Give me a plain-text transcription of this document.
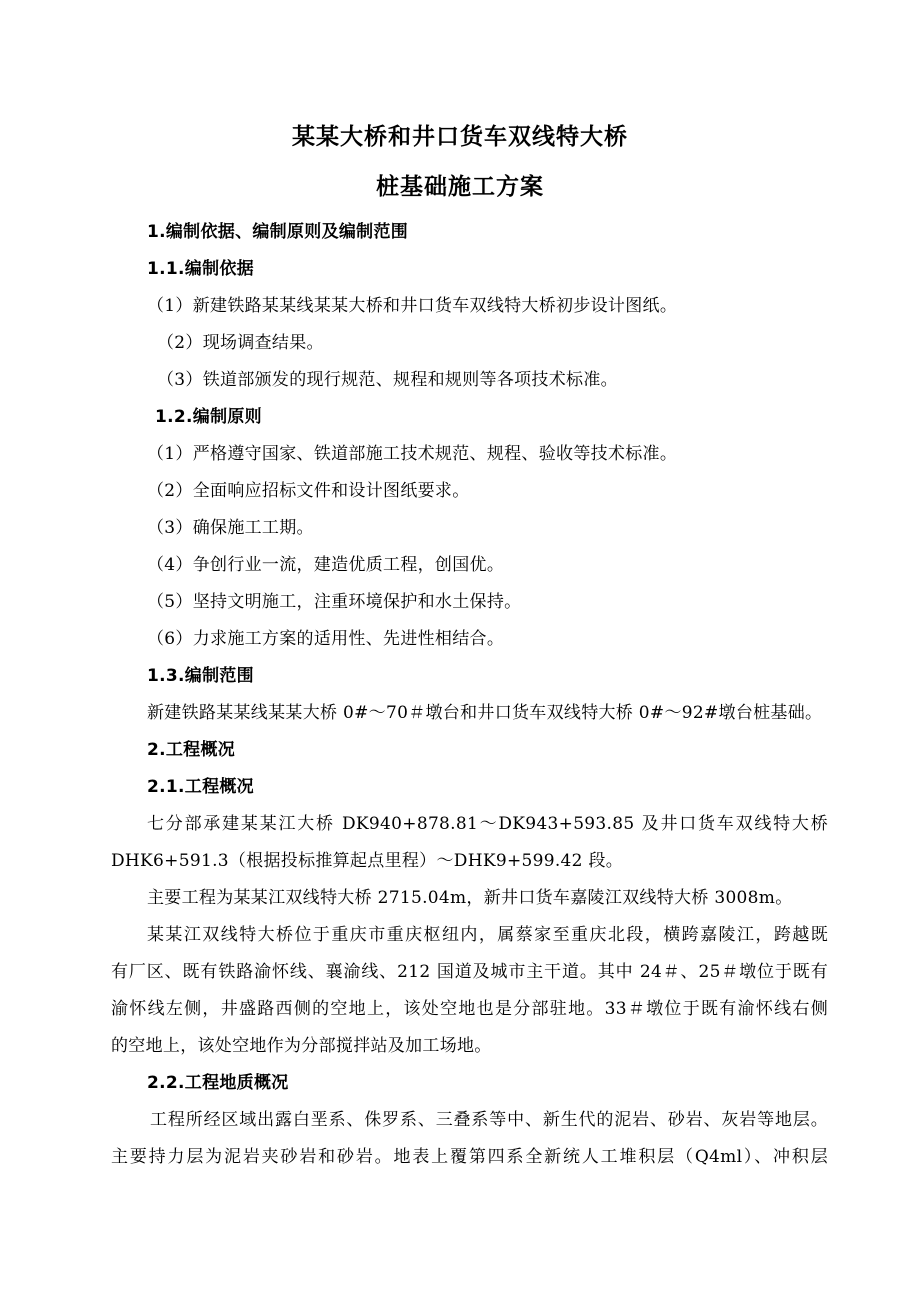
某某大桥和井口货车双线特大桥
桩基础施工方案
1.编制依据、编制原则及编制范围
1.1.编制依据
（1）新建铁路某某线某某大桥和井口货车双线特大桥初步设计图纸。
（2）现场调查结果。
（3）铁道部颁发的现行规范、规程和规则等各项技术标准。
1.2.编制原则
（1）严格遵守国家、铁道部施工技术规范、规程、验收等技术标准。
（2）全面响应招标文件和设计图纸要求。
（3）确保施工工期。
（4）争创行业一流，建造优质工程，创国优。
（5）坚持文明施工，注重环境保护和水土保持。
（6）力求施工方案的适用性、先进性相结合。
1.3.编制范围
新建铁路某某线某某大桥 0#～70＃墩台和井口货车双线特大桥 0#～92#墩台桩基础。
2.工程概况
2.1.工程概况
七分部承建某某江大桥 DK940+878.81～DK943+593.85 及井口货车双线特大桥
DHK6+591.3（根据投标推算起点里程）～DHK9+599.42 段。
主要工程为某某江双线特大桥 2715.04m，新井口货车嘉陵江双线特大桥 3008m。
某某江双线特大桥位于重庆市重庆枢纽内，属蔡家至重庆北段，横跨嘉陵江，跨越既
有厂区、既有铁路渝怀线、襄渝线、212 国道及城市主干道。其中 24＃、25＃墩位于既有
渝怀线左侧，井盛路西侧的空地上，该处空地也是分部驻地。33＃墩位于既有渝怀线右侧
的空地上，该处空地作为分部搅拌站及加工场地。
2.2.工程地质概况
工程所经区域出露白垩系、侏罗系、三叠系等中、新生代的泥岩、砂岩、灰岩等地层。
主要持力层为泥岩夹砂岩和砂岩。地表上覆第四系全新统人工堆积层（Q4ml）、冲积层
